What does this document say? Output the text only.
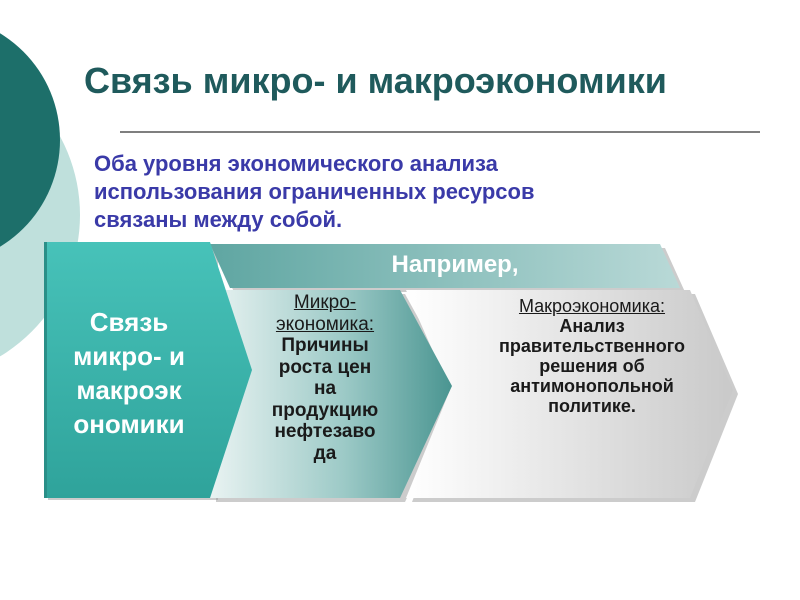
Связь микро- и макроэкономики
Оба уровня экономического анализа
использования ограниченных ресурсов
связаны между собой.
Связь
микро- и
макроэк
ономики
Например,
Микро-
экономика:
Причины
роста цен
на
продукцию
нефтезаво
да
Макроэкономика:
Анализ
правительственного
решения об
антимонопольной
политике.
